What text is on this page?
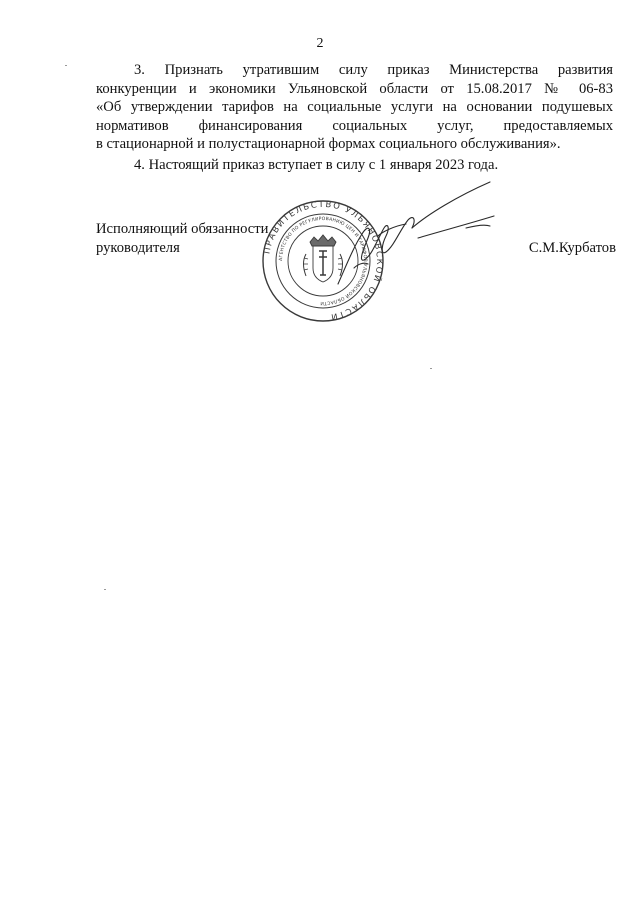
2

3. Признать утратившим силу приказ Министерства развития
конкуренции и экономики Ульяновской области от 15.08.2017 № 06-83
«Об утверждении тарифов на социальные услуги на основании подушевых
нормативов финансирования социальных услуг, предоставляемых
в стационарной и полустационарной формах социального обслуживания».

4. Настоящий приказ вступает в силу с 1 января 2023 года.

Исполняющий обязанности
руководителя	С.М.Курбатов
ПРАВИТЕЛЬСТВО УЛЬЯНОВСКОЙ ОБЛАСТИ
АГЕНТСТВО ПО РЕГУЛИРОВАНИЮ ЦЕН И ТАРИФОВ УЛЬЯНОВСКОЙ ОБЛАСТИ
